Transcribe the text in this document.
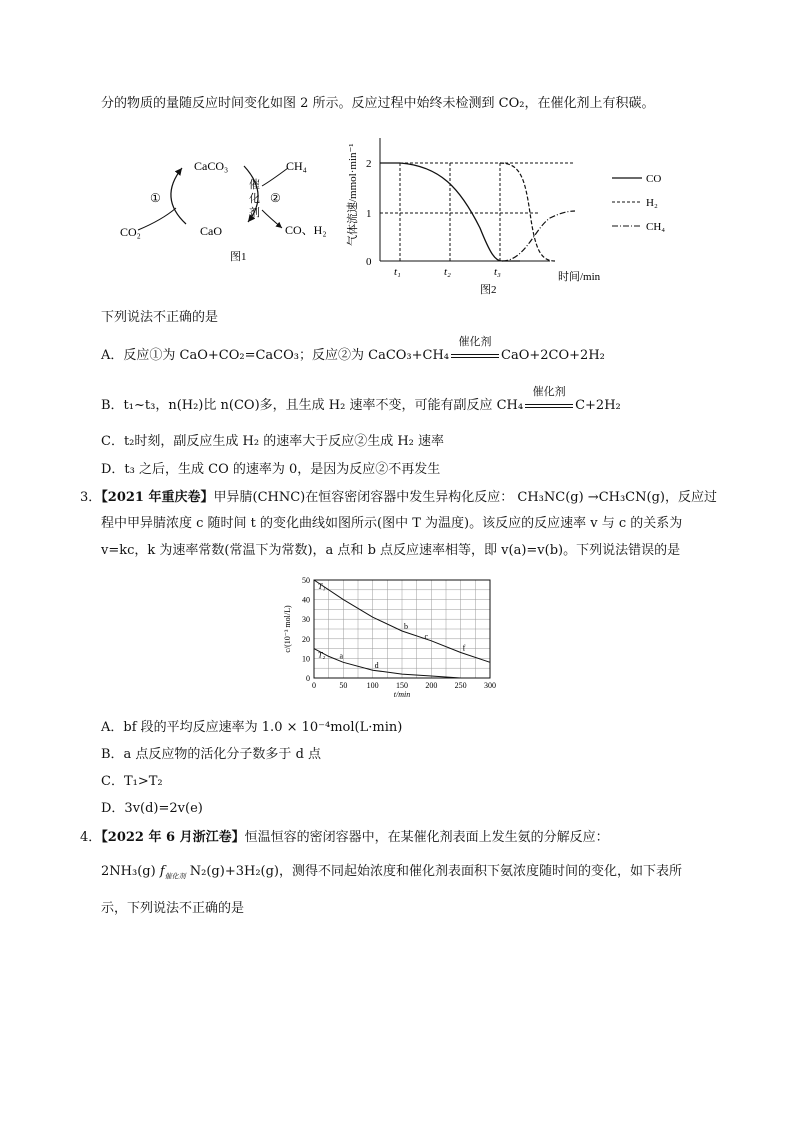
分的物质的量随反应时间变化如图 2 所示。反应过程中始终未检测到 CO₂，在催化剂上有积碳。
CaCO₃
CaO
CO₂
CH₄
CO、H₂
①	②
催
化
剂
图1
气体流速/mmol·min⁻¹
0
1
2
t₁	t₂	t₃	时间/min
CO
H₂
CH₄
图2
下列说法不正确的是
A．反应①为 CaO+CO₂=CaCO₃；反应②为 CaCO₃+CH₄
催化剂
CaO+2CO+2H₂
B．t₁~t₃，n(H₂)比 n(CO)多，且生成 H₂ 速率不变，可能有副反应 CH₄
催化剂
C+2H₂
C．t₂时刻，副反应生成 H₂ 的速率大于反应②生成 H₂ 速率
D．t₃ 之后，生成 CO 的速率为 0，是因为反应②不再发生
3．【2021 年重庆卷】甲异腈(CHNC)在恒容密闭容器中发生异构化反应： CH₃NC(g) →CH₃CN(g)，反应过
程中甲异腈浓度 c 随时间 t 的变化曲线如图所示(图中 T 为温度)。该反应的反应速率 v 与 c 的关系为
v=kc，k 为速率常数(常温下为常数)，a 点和 b 点反应速率相等，即 v(a)=v(b)。下列说法错误的是
0	50 100 150 200 250 300
0
10
20
30
40
50
t/min
c/(10⁻³ mol/L)
T₁
T₂ a
b
c
d
f
A．bf 段的平均反应速率为 1.0 × 10⁻⁴mol(L·min)
B．a 点反应物的活化分子数多于 d 点
C．T₁>T₂
D．3v(d)=2v(e)
4．【2022 年 6 月浙江卷】恒温恒容的密闭容器中，在某催化剂表面上发生氨的分解反应：
2NH₃(g) $f_{催化剂}$ N₂(g)+3H₂(g)，测得不同起始浓度和催化剂表面积下氨浓度随时间的变化，如下表所
示，下列说法不正确的是
